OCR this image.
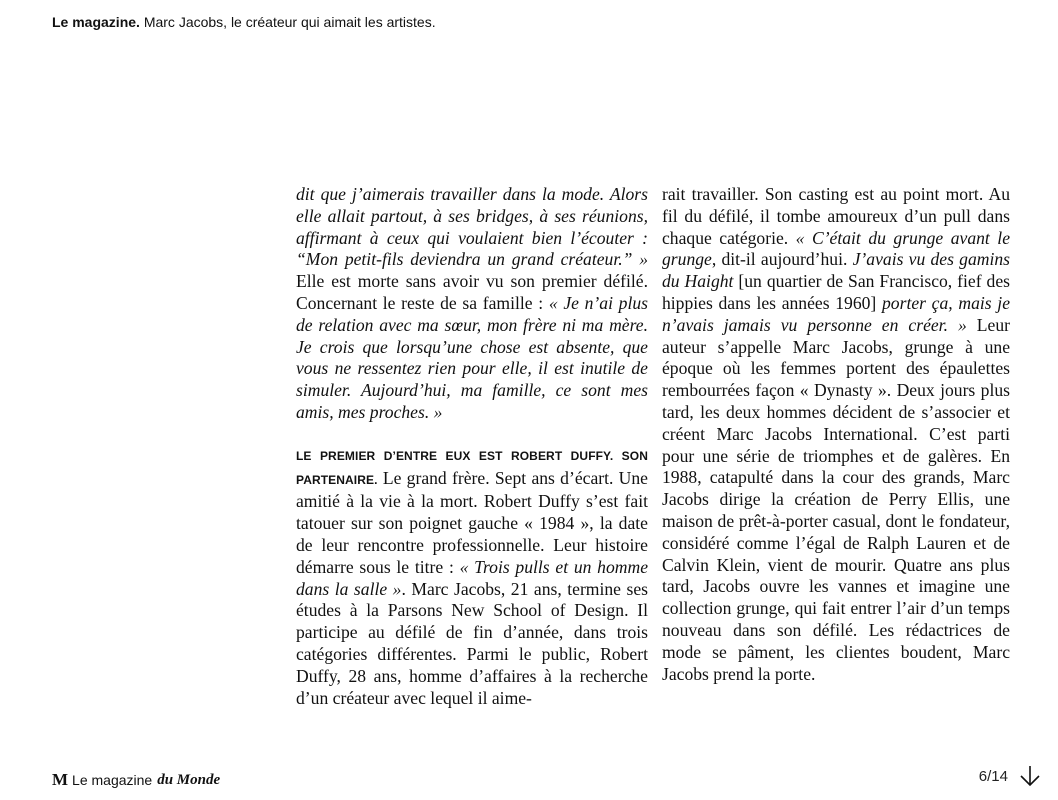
Le magazine. Marc Jacobs, le créateur qui aimait les artistes.

dit que j’aimerais travailler dans la mode. Alors elle allait partout, à ses bridges, à ses réunions, affirmant à ceux qui voulaient bien l’écouter : “Mon petit-fils deviendra un grand créateur.” » Elle est morte sans avoir vu son premier défilé. Concernant le reste de sa famille : « Je n’ai plus de relation avec ma sœur, mon frère ni ma mère. Je crois que lorsqu’une chose est absente, que vous ne ressentez rien pour elle, il est inutile de simuler. Aujourd’hui, ma famille, ce sont mes amis, mes proches. »

LE PREMIER D’ENTRE EUX EST ROBERT DUFFY. SON PARTENAIRE. Le grand frère. Sept ans d’écart. Une amitié à la vie à la mort. Robert Duffy s’est fait tatouer sur son poignet gauche « 1984 », la date de leur rencontre professionnelle. Leur histoire démarre sous le titre : « Trois pulls et un homme dans la salle ». Marc Jacobs, 21 ans, termine ses études à la Parsons New School of Design. Il participe au défilé de fin d’année, dans trois catégories différentes. Parmi le public, Robert Duffy, 28 ans, homme d’affaires à la recherche d’un créateur avec lequel il aime-

rait travailler. Son casting est au point mort. Au fil du défilé, il tombe amoureux d’un pull dans chaque catégorie. « C’était du grunge avant le grunge, dit-il aujourd’hui. J’avais vu des gamins du Haight [un quartier de San Francisco, fief des hippies dans les années 1960] porter ça, mais je n’avais jamais vu personne en créer. » Leur auteur s’appelle Marc Jacobs, grunge à une époque où les femmes portent des épaulettes rembourrées façon « Dynasty ». Deux jours plus tard, les deux hommes décident de s’associer et créent Marc Jacobs International. C’est parti pour une série de triomphes et de galères. En 1988, catapulté dans la cour des grands, Marc Jacobs dirige la création de Perry Ellis, une maison de prêt-à-porter casual, dont le fondateur, considéré comme l’égal de Ralph Lauren et de Calvin Klein, vient de mourir. Quatre ans plus tard, Jacobs ouvre les vannes et imagine une collection grunge, qui fait entrer l’air d’un temps nouveau dans son défilé. Les rédactrices de mode se pâment, les clientes boudent, Marc Jacobs prend la porte.

M Le magazine du Monde	6/14
